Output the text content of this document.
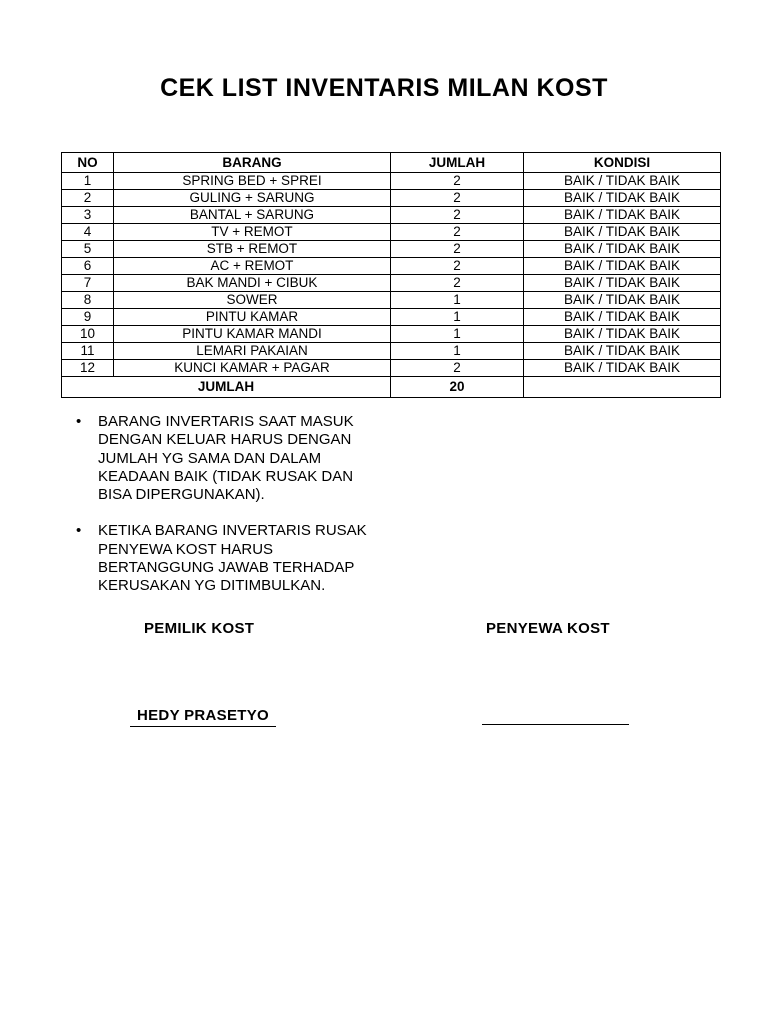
CEK LIST INVENTARIS MILAN KOST
NO	BARANG	JUMLAH	KONDISI
1	SPRING BED + SPREI	2	BAIK / TIDAK BAIK
2	GULING + SARUNG	2	BAIK / TIDAK BAIK
3	BANTAL + SARUNG	2	BAIK / TIDAK BAIK
4	TV + REMOT	2	BAIK / TIDAK BAIK
5	STB + REMOT	2	BAIK / TIDAK BAIK
6	AC + REMOT	2	BAIK / TIDAK BAIK
7	BAK MANDI + CIBUK	2	BAIK / TIDAK BAIK
8	SOWER	1	BAIK / TIDAK BAIK
9	PINTU KAMAR	1	BAIK / TIDAK BAIK
10	PINTU KAMAR MANDI	1	BAIK / TIDAK BAIK
11	LEMARI PAKAIAN	1	BAIK / TIDAK BAIK
12	KUNCI KAMAR + PAGAR	2	BAIK / TIDAK BAIK
JUMLAH		20	
• BARANG INVERTARIS SAAT MASUK DENGAN KELUAR HARUS DENGAN JUMLAH YG SAMA DAN DALAM KEADAAN BAIK (TIDAK RUSAK DAN BISA DIPERGUNAKAN).
• KETIKA BARANG INVERTARIS RUSAK PENYEWA KOST HARUS BERTANGGUNG JAWAB TERHADAP KERUSAKAN YG DITIMBULKAN.
PEMILIK KOST	PENYEWA KOST
HEDY PRASETYO
